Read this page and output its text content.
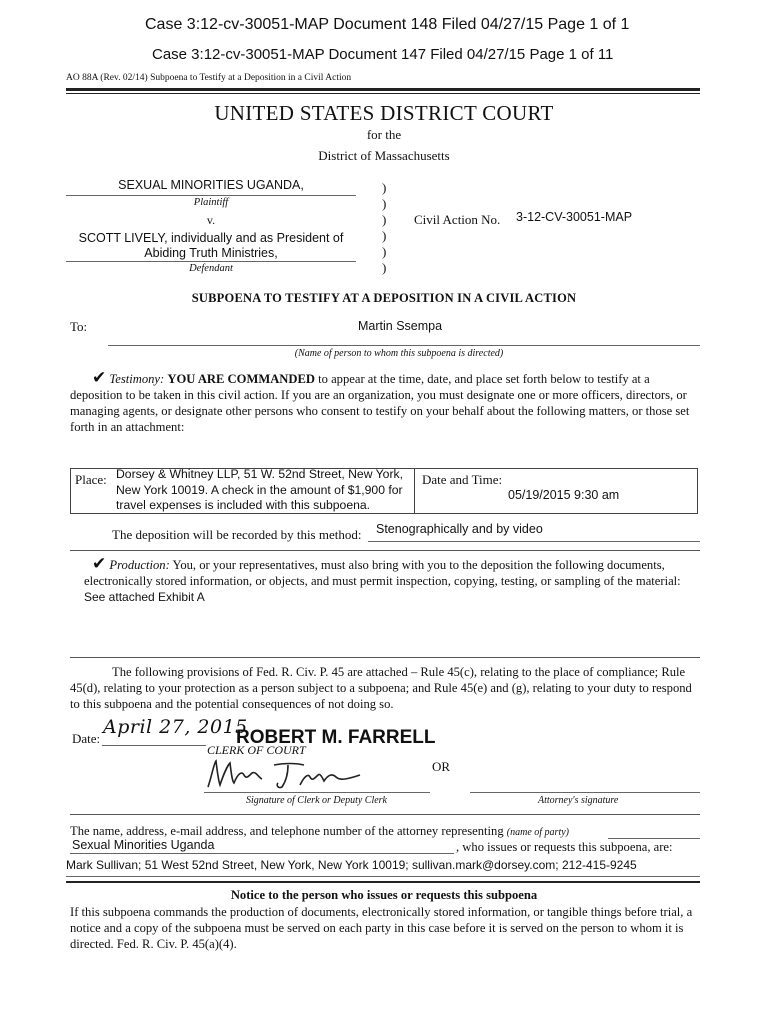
Case 3:12-cv-30051-MAP Document 148 Filed 04/27/15 Page 1 of 1
Case 3:12-cv-30051-MAP Document 147 Filed 04/27/15 Page 1 of 11
AO 88A (Rev. 02/14) Subpoena to Testify at a Deposition in a Civil Action
UNITED STATES DISTRICT COURT
for the
District of Massachusetts
SEXUAL MINORITIES UGANDA,
Plaintiff
v.
SCOTT LIVELY, individually and as President of
Abiding Truth Ministries,
Defendant
)
)
)
)
)
)
Civil Action No. 3-12-CV-30051-MAP
SUBPOENA TO TESTIFY AT A DEPOSITION IN A CIVIL ACTION
To:	Martin Ssempa
(Name of person to whom this subpoena is directed)
✔ Testimony: YOU ARE COMMANDED to appear at the time, date, and place set forth below to testify at a deposition to be taken in this civil action. If you are an organization, you must designate one or more officers, directors, or managing agents, or designate other persons who consent to testify on your behalf about the following matters, or those set forth in an attachment:
Place: Dorsey & Whitney LLP, 51 W. 52nd Street, New York,
New York 10019. A check in the amount of $1,900 for
travel expenses is included with this subpoena.
Date and Time:
05/19/2015 9:30 am
The deposition will be recorded by this method: Stenographically and by video
✔ Production: You, or your representatives, must also bring with you to the deposition the following documents, electronically stored information, or objects, and must permit inspection, copying, testing, or sampling of the material: See attached Exhibit A
The following provisions of Fed. R. Civ. P. 45 are attached – Rule 45(c), relating to the place of compliance; Rule 45(d), relating to your protection as a person subject to a subpoena; and Rule 45(e) and (g), relating to your duty to respond to this subpoena and the potential consequences of not doing so.
Date:
April 27, 2015
ROBERT M. FARRELL
CLERK OF COURT
OR
Signature of Clerk or Deputy Clerk	Attorney's signature
The name, address, e-mail address, and telephone number of the attorney representing (name of party)
Sexual Minorities Uganda	, who issues or requests this subpoena, are:
Mark Sullivan; 51 West 52nd Street, New York, New York 10019; sullivan.mark@dorsey.com; 212-415-9245
Notice to the person who issues or requests this subpoena
If this subpoena commands the production of documents, electronically stored information, or tangible things before trial, a notice and a copy of the subpoena must be served on each party in this case before it is served on the person to whom it is directed. Fed. R. Civ. P. 45(a)(4).
